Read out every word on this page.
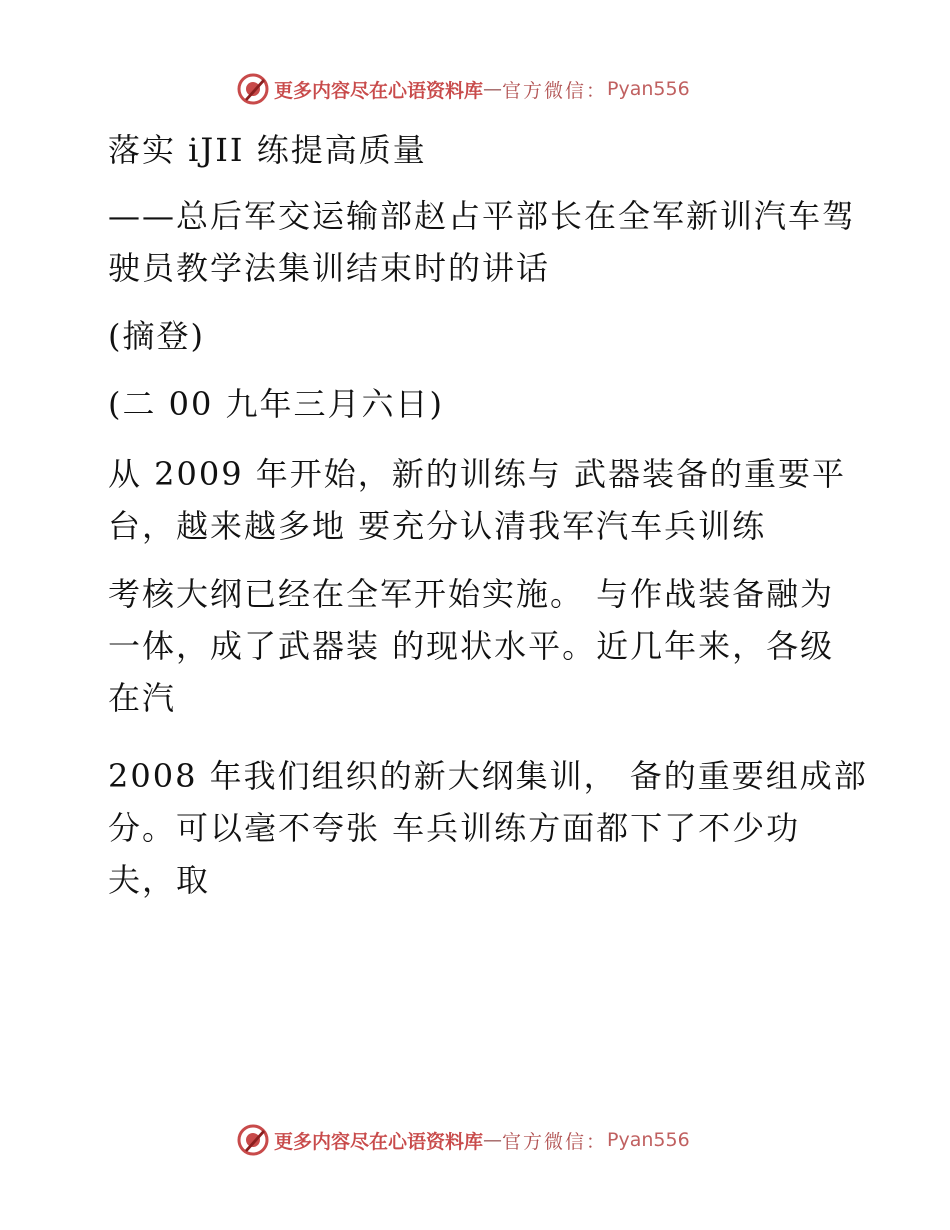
更多内容尽在心语资料库 — 官方微信： Pyan556

落实 iJII 练提高质量

——总后军交运输部赵占平部长在全军新训汽车驾驶员教学法集训结束时的讲话

(摘登)

(二 00 九年三月六日)

从 2009 年开始，新的训练与 武器装备的重要平台，越来越多地 要充分认清我军汽车兵训练

考核大纲已经在全军开始实施。 与作战装备融为一体，成了武器装 的现状水平。近几年来，各级在汽

2008 年我们组织的新大纲集训， 备的重要组成部分。可以毫不夸张 车兵训练方面都下了不少功夫，取

更多内容尽在心语资料库 — 官方微信： Pyan556
